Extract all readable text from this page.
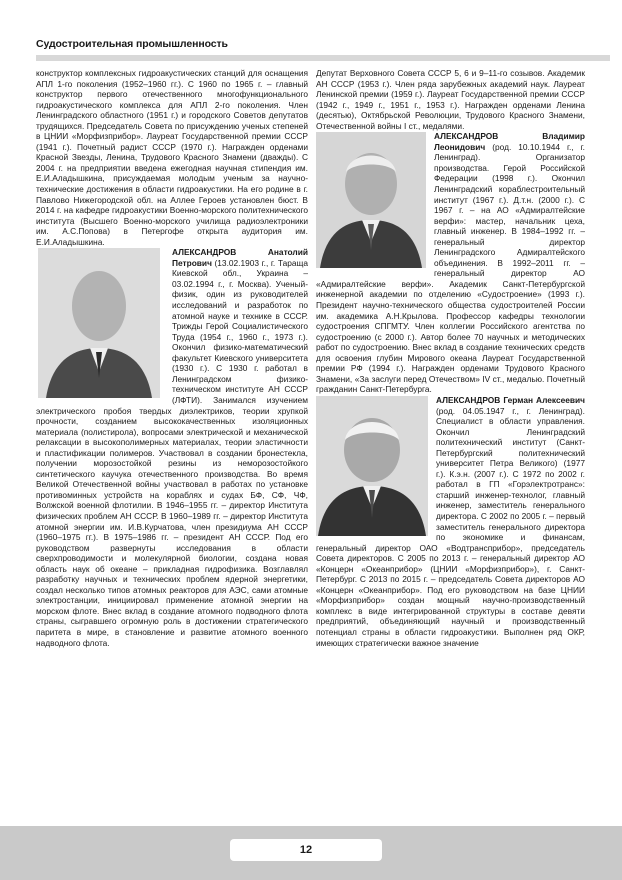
Судостроительная промышленность

конструктор комплексных гидроакустических станций для оснащения АПЛ 1-го поколения (1952–1960 гг.). С 1960 по 1965 г. – главный конструктор первого отечественного многофункционального гидроакустического комплекса для АПЛ 2-го поколения. Член Ленинградского областного (1951 г.) и городского Советов депутатов трудящихся. Председатель Совета по присуждению ученых степеней в ЦНИИ «Морфизприбор». Лауреат Государственной премии СССР (1941 г.). Почетный радист СССР (1970 г.). Награжден орденами Красной Звезды, Ленина, Трудового Красного Знамени (дважды). С 2004 г. на предприятии введена ежегодная научная стипендия им. Е.И.Аладышкина, присуждаемая молодым ученым за научно-технические достижения в области гидроакустики. На его родине в г. Павлово Нижегородской обл. на Аллее Героев установлен бюст. В 2014 г. на кафедре гидроакустики Военно-морского политехнического института (Высшего Военно-морского училища радиоэлектроники им. А.С.Попова) в Петергофе открыта аудитория им. Е.И.Аладышкина.

АЛЕКСАНДРОВ Анатолий Петрович (13.02.1903 г., г. Тараща Киевской обл., Украина – 03.02.1994 г., г. Москва). Ученый-физик, один из руководителей исследований и разработок по атомной науке и технике в СССР. Трижды Герой Социалистического Труда (1954 г., 1960 г., 1973 г.). Окончил физико-математический факультет Киевского университета (1930 г.). С 1930 г. работал в Ленинградском физико-техническом институте АН СССР (ЛФТИ). Занимался изучением электрического пробоя твердых диэлектриков, теории хрупкой прочности, созданием высококачественных изоляционных материала (полистирола), вопросами электрической и механической релаксации в высокополимерных материалах, теории эластичности и пластификации полимеров. Участвовал в создании бронестекла, получении морозостойкой резины из неморозостойкого синтетического каучука отечественного производства. Во время Великой Отечественной войны участвовал в работах по установке противоминных устройств на кораблях и судах БФ, СФ, ЧФ, Волжской военной флотилии. В 1946–1955 гг. – директор Института физических проблем АН СССР. В 1960–1989 гг. – директор Института атомной энергии им. И.В.Курчатова, член президиума АН СССР (1960–1975 гг.). В 1975–1986 гг. – президент АН СССР. Под его руководством развернуты исследования в области сверхпроводимости и молекулярной биологии, создана новая область наук об океане – прикладная гидрофизика. Возглавлял разработку научных и технических проблем ядерной энергетики, создал несколько типов атомных реакторов для АЭС, сами атомные электростанции, инициировал применение атомной энергии на морском флоте. Внес вклад в создание атомного подводного флота страны, сыгравшего огромную роль в достижении стратегического паритета в мире, в становление и развитие атомного военного надводного флота.

Депутат Верховного Совета СССР 5, 6 и 9–11-го созывов. Академик АН СССР (1953 г.). Член ряда зарубежных академий наук. Лауреат Ленинской премии (1959 г.). Лауреат Государственной премии СССР (1942 г., 1949 г., 1951 г., 1953 г.). Награжден орденами Ленина (десятью), Октябрьской Революции, Трудового Красного Знамени, Отечественной войны I ст., медалями.

АЛЕКСАНДРОВ Владимир Леонидович (род. 10.10.1944 г., г. Ленинград). Организатор производства. Герой Российской Федерации (1998 г.). Окончил Ленинградский кораблестроительный институт (1967 г.). Д.т.н. (2000 г.). С 1967 г. – на АО «Адмиралтейские верфи»: мастер, начальник цеха, главный инженер. В 1984–1992 гг. – генеральный директор Ленинградского Адмиралтейского объединения. В 1992–2011 гг. – генеральный директор АО «Адмиралтейские верфи». Академик Санкт-Петербургской инженерной академии по отделению «Судостроение» (1993 г.). Президент научно-технического общества судостроителей России им. академика А.Н.Крылова. Профессор кафедры технологии судостроения СПГМТУ. Член коллегии Российского агентства по судостроению (с 2000 г.). Автор более 70 научных и методических работ по судостроению. Внес вклад в создание технических средств для освоения глубин Мирового океана Лауреат Государственной премии РФ (1994 г.). Награжден орденами Трудового Красного Знамени, «За заслуги перед Отечеством» IV ст., медалью. Почетный гражданин Санкт-Петербурга.

АЛЕКСАНДРОВ Герман Алексеевич (род. 04.05.1947 г., г. Ленинград). Специалист в области управления. Окончил Ленинградский политехнический институт (Санкт-Петербургский политехнический университет Петра Великого) (1977 г.). К.э.н. (2007 г.). С 1972 по 2002 г. работал в ГП «Горэлектротранс»: старший инженер-технолог, главный инженер, заместитель генерального директора. С 2002 по 2005 г. – первый заместитель генерального директора по экономике и финансам, генеральный директор ОАО «Водтрансприбор», председатель Совета директоров. С 2005 по 2013 г. – генеральный директор АО «Концерн «Океанприбор» (ЦНИИ «Морфизприбор»), г. Санкт-Петербург. С 2013 по 2015 г. – председатель Совета директоров АО «Концерн «Океанприбор». Под его руководством на базе ЦНИИ «Морфизприбор» создан мощный научно-производственный комплекс в виде интегрированной структуры в составе девяти предприятий, объединяющий научный и производственный потенциал страны в области гидроакустики. Выполнен ряд ОКР, имеющих стратегически важное значение

12
